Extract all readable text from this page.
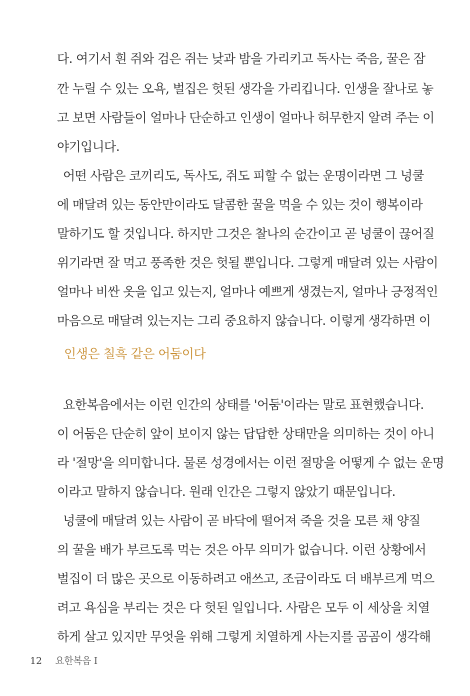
다. 여기서 흰 쥐와 검은 쥐는 낮과 밤을 가리키고 독사는 죽음, 꿀은 잠
깐 누릴 수 있는 오욕, 벌집은 헛된 생각을 가리킵니다. 인생을 잘나로 놓
고 보면 사람들이 얼마나 단순하고 인생이 얼마나 허무한지 알려 주는 이
야기입니다.
어떤 사람은 코끼리도, 독사도, 쥐도 피할 수 없는 운명이라면 그 넝쿨
에 매달려 있는 동안만이라도 달콤한 꿀을 먹을 수 있는 것이 행복이라
말하기도 할 것입니다. 하지만 그것은 찰나의 순간이고 곧 넝쿨이 끊어질
위기라면 잘 먹고 풍족한 것은 헛될 뿐입니다. 그렇게 매달려 있는 사람이
얼마나 비싼 옷을 입고 있는지, 얼마나 예쁘게 생겼는지, 얼마나 긍정적인
마음으로 매달려 있는지는 그리 중요하지 않습니다. 이렇게 생각하면 이
인생은 칠흑 같은 어둠이다
요한복음에서는 이런 인간의 상태를 '어둠'이라는 말로 표현했습니다.
이 어둠은 단순히 앞이 보이지 않는 답답한 상태만을 의미하는 것이 아니
라 '절망'을 의미합니다. 물론 성경에서는 이런 절망을 어떻게 수 없는 운명
이라고 말하지 않습니다. 원래 인간은 그렇지 않았기 때문입니다.
넝쿨에 매달려 있는 사람이 곧 바닥에 떨어져 죽을 것을 모른 채 양질
의 꿀을 배가 부르도록 먹는 것은 아무 의미가 없습니다. 이런 상황에서
벌집이 더 많은 곳으로 이동하려고 애쓰고, 조금이라도 더 배부르게 먹으
려고 욕심을 부리는 것은 다 헛된 일입니다. 사람은 모두 이 세상을 치열
하게 살고 있지만 무엇을 위해 그렇게 치열하게 사는지를 곰곰이 생각해
12 요한복음 I
